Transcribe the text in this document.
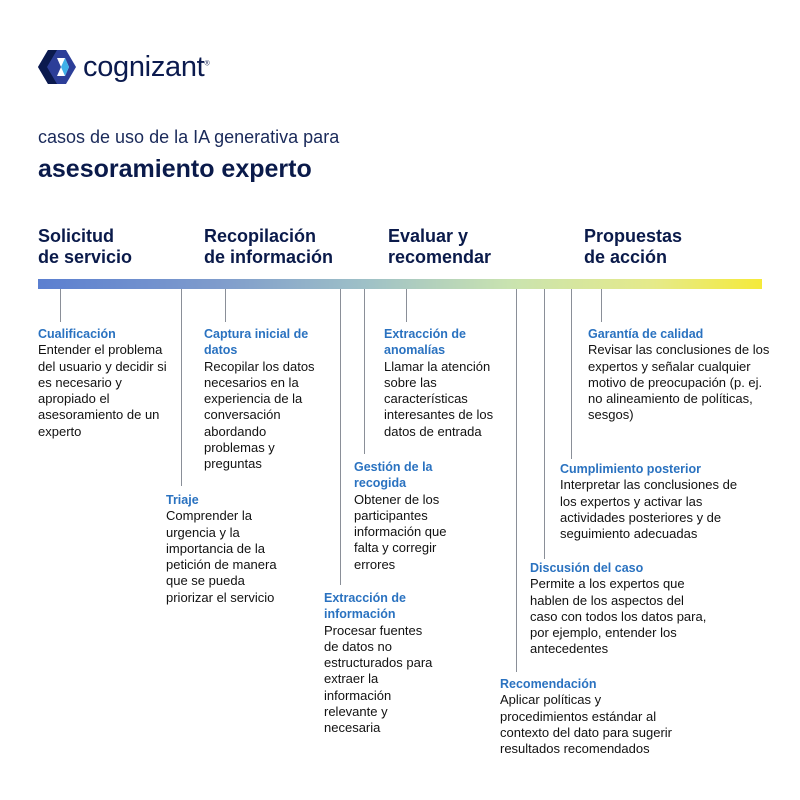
cognizant®
casos de uso de la IA generativa para
asesoramiento experto
Solicitud
de servicio
Recopilación
de información
Evaluar y
recomendar
Propuestas
de acción
Cualificación
Entender el problema del usuario y decidir si es necesario y apropiado el asesoramiento de un experto
Triaje
Comprender la urgencia y la importancia de la petición de manera que se pueda priorizar el servicio
Captura inicial de datos
Recopilar los datos necesarios en la experiencia de la conversación abordando problemas y preguntas
Extracción de información
Procesar fuentes de datos no estructurados para extraer la información relevante y necesaria
Gestión de la recogida
Obtener de los participantes información que falta y corregir errores
Extracción de anomalías
Llamar la atención sobre las características interesantes de los datos de entrada
Recomendación
Aplicar políticas y procedimientos estándar al contexto del dato para sugerir resultados recomendados
Discusión del caso
Permite a los expertos que hablen de los aspectos del caso con todos los datos para, por ejemplo, entender los antecedentes
Cumplimiento posterior
Interpretar las conclusiones de los expertos y activar las actividades posteriores y de seguimiento adecuadas
Garantía de calidad
Revisar las conclusiones de los expertos y señalar cualquier motivo de preocupación (p. ej. no alineamiento de políticas, sesgos)
